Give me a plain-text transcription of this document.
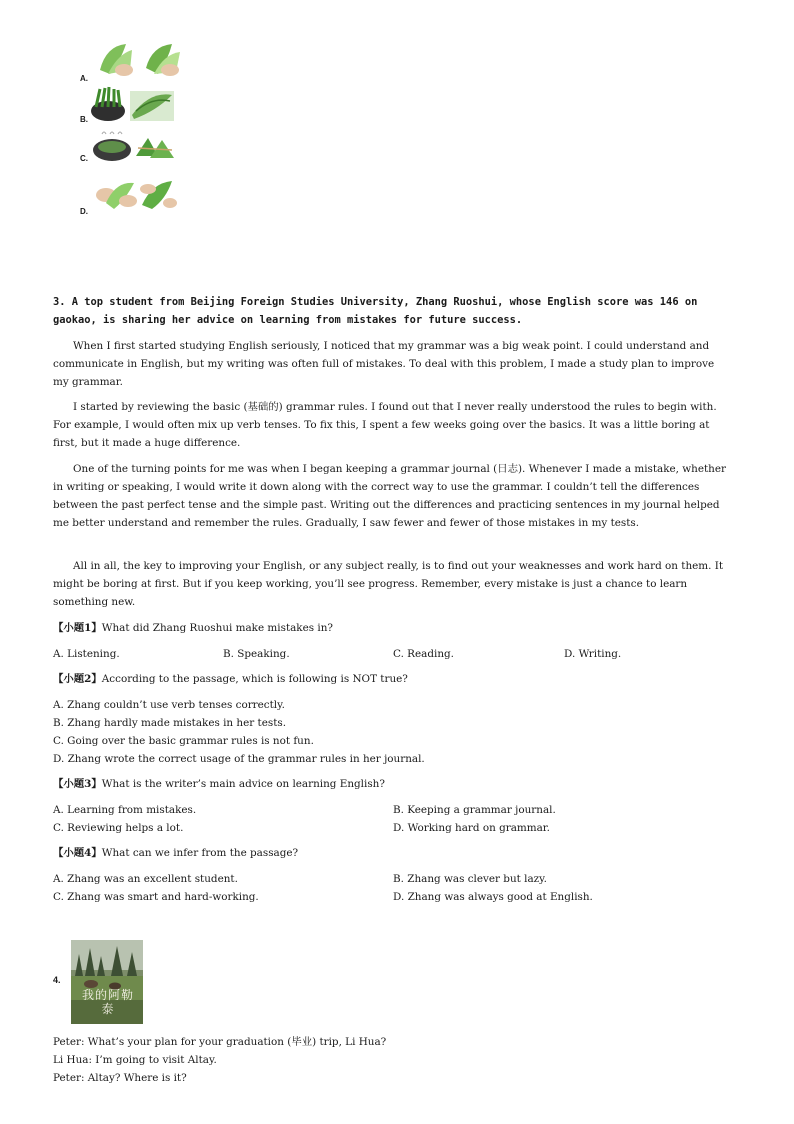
A.
B.
C.
D.
3. A top student from Beijing Foreign Studies University, Zhang Ruoshui, whose English score was 146 on gaokao, is sharing her advice on learning from mistakes for future success.
When I first started studying English seriously, I noticed that my grammar was a big weak point. I could understand and communicate in English, but my writing was often full of mistakes. To deal with this problem, I made a study plan to improve my grammar.
I started by reviewing the basic (基础的) grammar rules. I found out that I never really understood the rules to begin with. For example, I would often mix up verb tenses. To fix this, I spent a few weeks going over the basics. It was a little boring at first, but it made a huge difference.
One of the turning points for me was when I began keeping a grammar journal (日志). Whenever I made a mistake, whether in writing or speaking, I would write it down along with the correct way to use the grammar. I couldn’t tell the differences between the past perfect tense and the simple past. Writing out the differences and practicing sentences in my journal helped me better understand and remember the rules. Gradually, I saw fewer and fewer of those mistakes in my tests.
All in all, the key to improving your English, or any subject really, is to find out your weaknesses and work hard on them. It might be boring at first. But if you keep working, you’ll see progress. Remember, every mistake is just a chance to learn something new.
【小题1】What did Zhang Ruoshui make mistakes in?
A. Listening.	B. Speaking.	C. Reading.	D. Writing.
【小题2】According to the passage, which is following is NOT true?
A. Zhang couldn’t use verb tenses correctly.
B. Zhang hardly made mistakes in her tests.
C. Going over the basic grammar rules is not fun.
D. Zhang wrote the correct usage of the grammar rules in her journal.
【小题3】What is the writer’s main advice on learning English?
A. Learning from mistakes.	B. Keeping a grammar journal.
C. Reviewing helps a lot.	D. Working hard on grammar.
【小题4】What can we infer from the passage?
A. Zhang was an excellent student.	B. Zhang was clever but lazy.
C. Zhang was smart and hard-working.	D. Zhang was always good at English.
4.
我的阿勒泰
Peter: What’s your plan for your graduation (毕业) trip, Li Hua?
Li Hua: I’m going to visit Altay.
Peter: Altay? Where is it?
